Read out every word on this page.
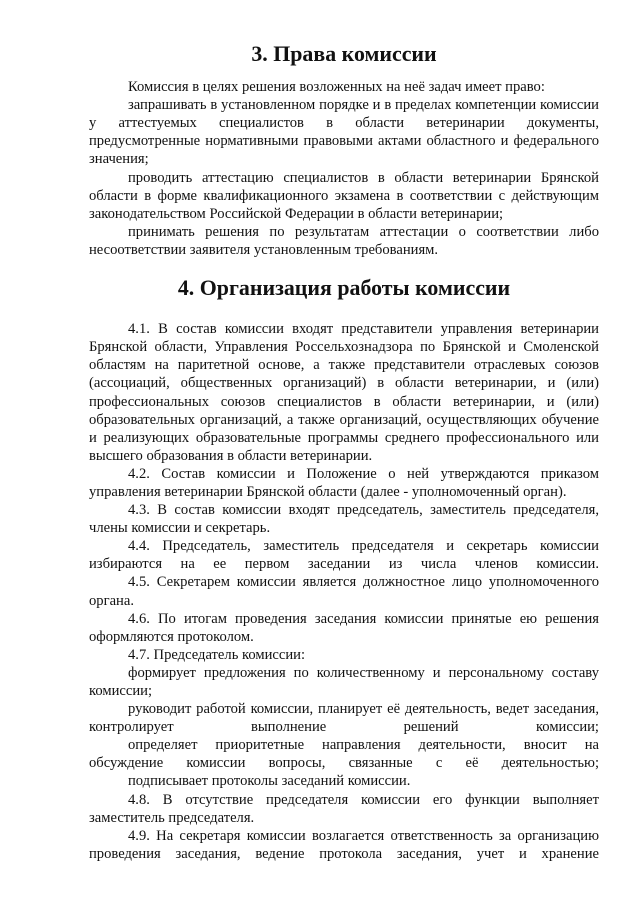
3. Права комиссии

Комиссия в целях решения возложенных на неё задач имеет право:

запрашивать в установленном порядке и в пределах компетенции комиссии у аттестуемых специалистов в области ветеринарии документы, предусмотренные нормативными правовыми актами областного и федерального значения;

проводить аттестацию специалистов в области ветеринарии Брянской области в форме квалификационного экзамена в соответствии с действующим законодательством Российской Федерации в области ветеринарии;

принимать решения по результатам аттестации о соответствии либо несоответствии заявителя установленным требованиям.

4. Организация работы комиссии

4.1. В состав комиссии входят представители управления ветеринарии Брянской области, Управления Россельхознадзора по Брянской и Смоленской областям на паритетной основе, а также представители отраслевых союзов (ассоциаций, общественных организаций) в области ветеринарии, и (или) профессиональных союзов специалистов в области ветеринарии, и (или) образовательных организаций, а также организаций, осуществляющих обучение и реализующих образовательные программы среднего профессионального или высшего образования в области ветеринарии.

4.2. Состав комиссии и Положение о ней утверждаются приказом управления ветеринарии Брянской области (далее - уполномоченный орган).

4.3. В состав комиссии входят председатель, заместитель председателя, члены комиссии и секретарь.

4.4. Председатель, заместитель председателя и секретарь комиссии избираются на ее первом заседании из числа членов комиссии.

4.5. Секретарем комиссии является должностное лицо уполномоченного органа.

4.6. По итогам проведения заседания комиссии принятые ею решения оформляются протоколом.

4.7. Председатель комиссии:

формирует предложения по количественному и персональному составу комиссии;

руководит работой комиссии, планирует её деятельность, ведет заседания, контролирует выполнение решений комиссии;

определяет приоритетные направления деятельности, вносит на обсуждение комиссии вопросы, связанные с её деятельностью;

подписывает протоколы заседаний комиссии.

4.8. В отсутствие председателя комиссии его функции выполняет заместитель председателя.

4.9. На секретаря комиссии возлагается ответственность за организацию проведения заседания, ведение протокола заседания, учет и хранение
